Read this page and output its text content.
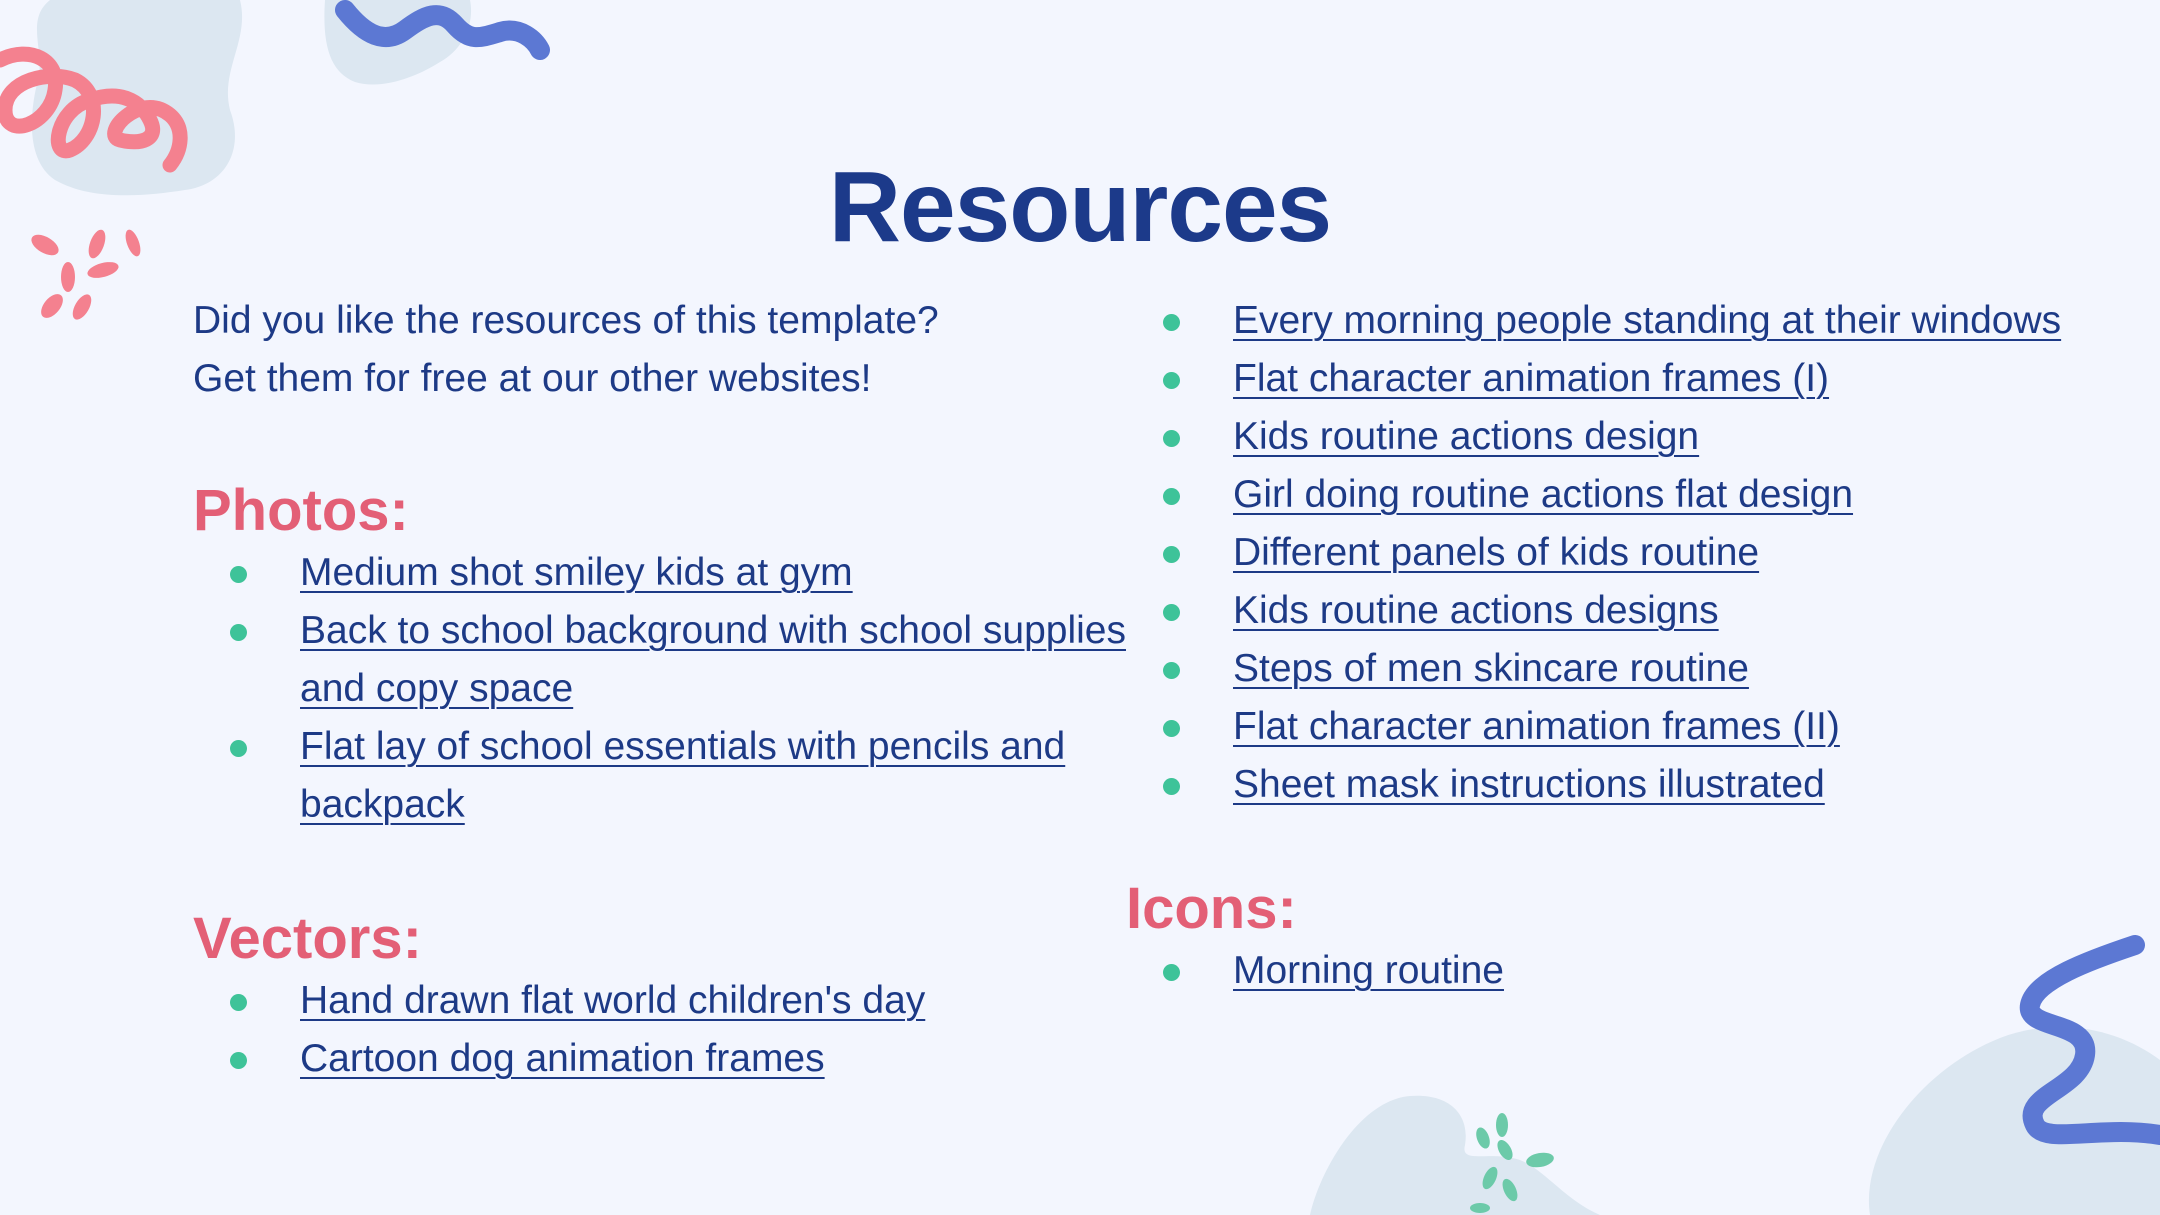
Resources

Did you like the resources of this template?
Get them for free at our other websites!

Photos:
Medium shot smiley kids at gym
Back to school background with school supplies and copy space
Flat lay of school essentials with pencils and backpack
Vectors:
Hand drawn flat world children's day
Cartoon dog animation frames
Every morning people standing at their windows
Flat character animation frames (I)
Kids routine actions design
Girl doing routine actions flat design
Different panels of kids routine
Kids routine actions designs
Steps of men skincare routine
Flat character animation frames (II)
Sheet mask instructions illustrated
Icons:
Morning routine
